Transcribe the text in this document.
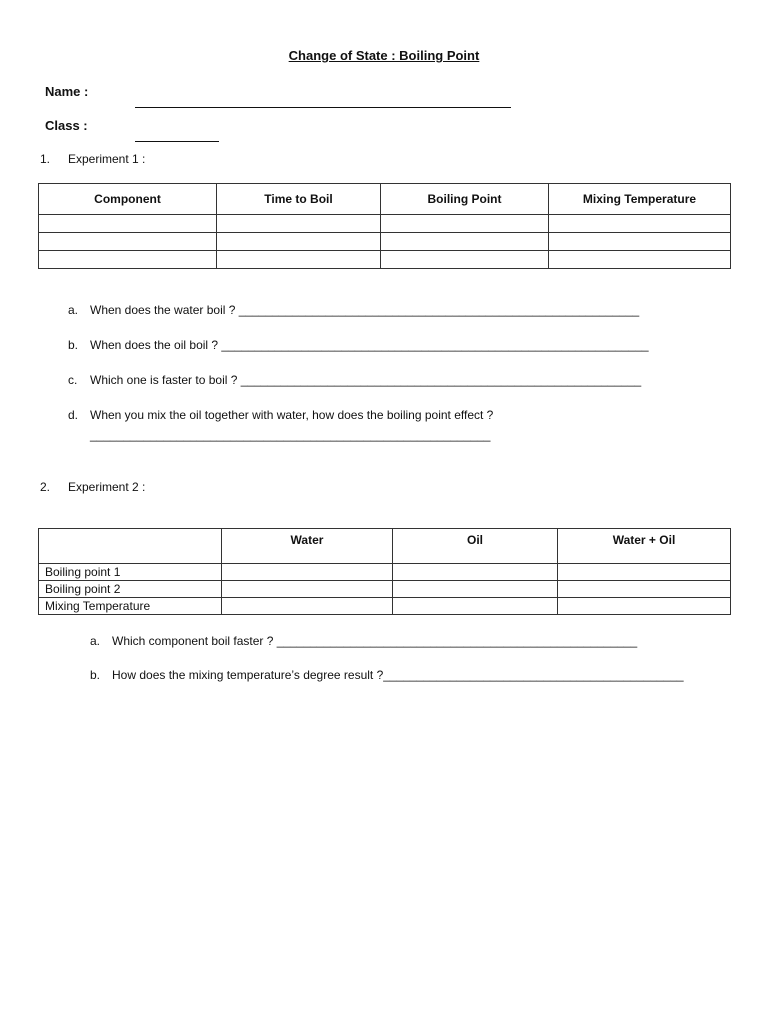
Change of State : Boiling Point
Name :
Class :
1. Experiment 1 :
Component	Time to Boil	Boiling Point	Mixing Temperature

a. When does the water boil ? ____________________________________________________________
b. When does the oil boil ? ________________________________________________________________
c. Which one is faster to boil ? ____________________________________________________________
d. When you mix the oil together with water, how does the boiling point effect ?
____________________________________________________________
2. Experiment 2 :
	Water	Oil	Water + Oil
Boiling point 1			
Boiling point 2			
Mixing Temperature			
a. Which component boil faster ? ______________________________________________________
b. How does the mixing temperature’s degree result ?_____________________________________________
